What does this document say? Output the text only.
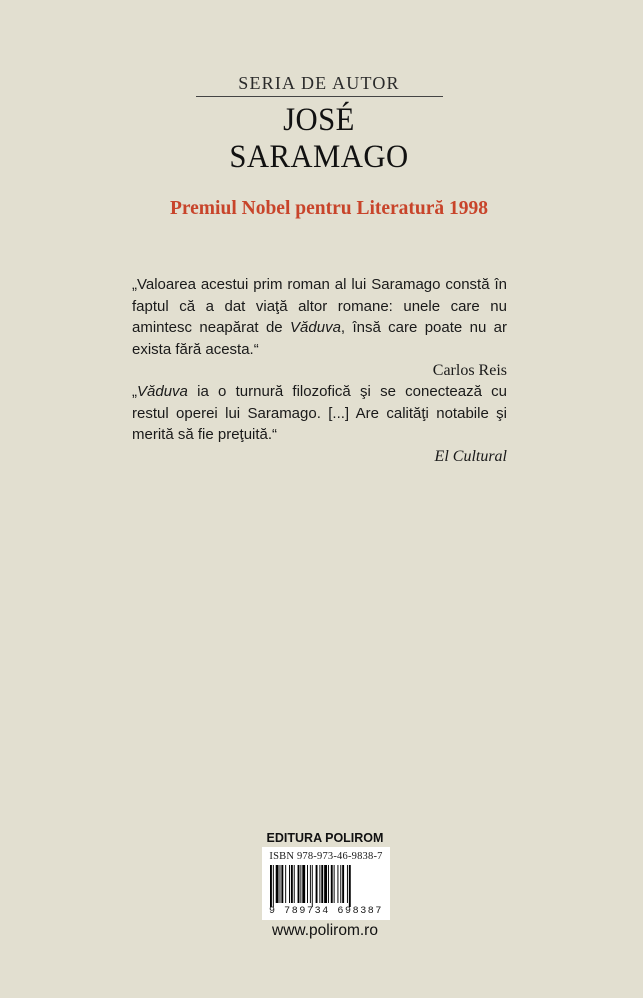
SERIA DE AUTOR
JOSÉ SARAMAGO
Premiul Nobel pentru Literatură 1998
„Valoarea acestui prim roman al lui Saramago constă în faptul că a dat viaţă altor romane: unele care nu amintesc neapărat de Văduva, însă care poate nu ar exista fără acesta.“
Carlos Reis
„Văduva ia o turnură filozofică şi se conectează cu restul operei lui Saramago. [...] Are calităţi notabile şi merită să fie preţuită.“
El Cultural
EDITURA POLIROM
ISBN 978-973-46-9838-7
9 789734 698387
www.polirom.ro
